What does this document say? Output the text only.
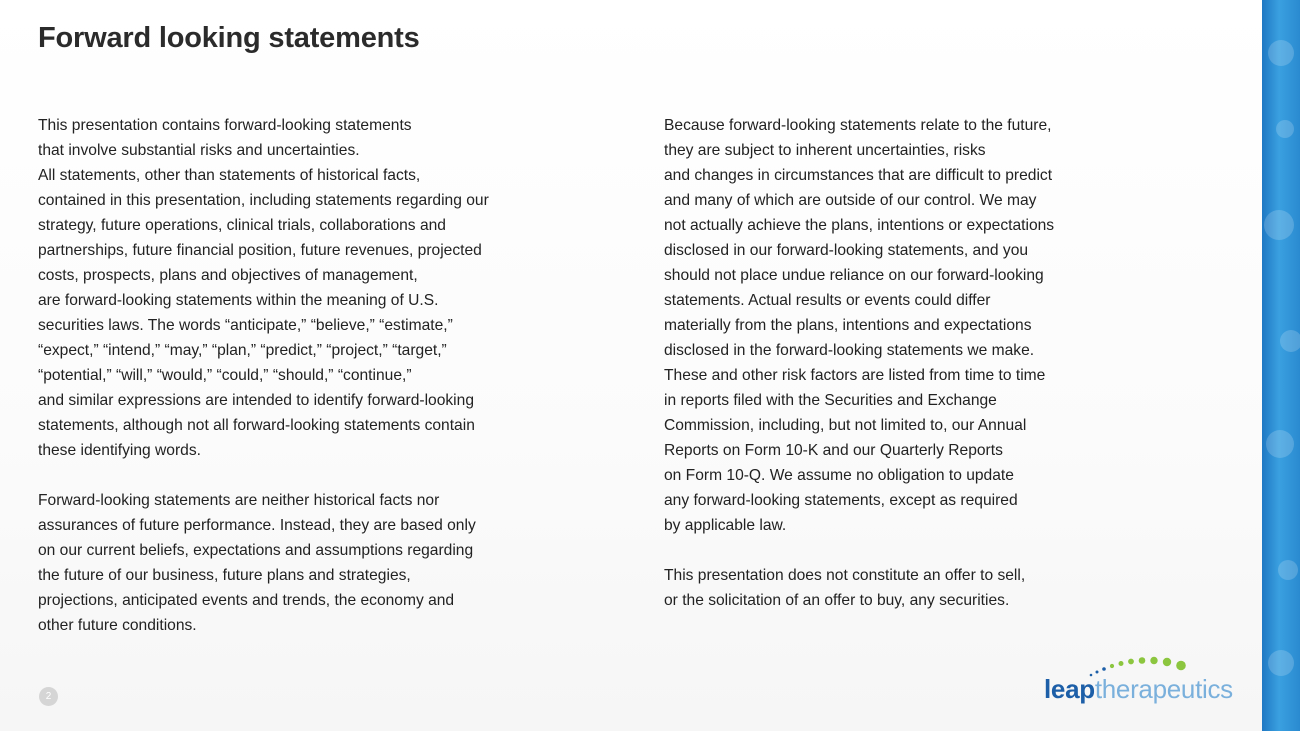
Forward looking statements
This presentation contains forward-looking statements
that involve substantial risks and uncertainties.
All statements, other than statements of historical facts,
contained in this presentation, including statements regarding our
strategy, future operations, clinical trials, collaborations and
partnerships, future financial position, future revenues, projected
costs, prospects, plans and objectives of management,
are forward-looking statements within the meaning of U.S.
securities laws. The words “anticipate,” “believe,” “estimate,”
“expect,” “intend,” “may,” “plan,” “predict,” “project,” “target,”
“potential,” “will,” “would,” “could,” “should,” “continue,”
and similar expressions are intended to identify forward-looking
statements, although not all forward-looking statements contain
these identifying words.
Forward-looking statements are neither historical facts nor
assurances of future performance. Instead, they are based only
on our current beliefs, expectations and assumptions regarding
the future of our business, future plans and strategies,
projections, anticipated events and trends, the economy and
other future conditions.
Because forward-looking statements relate to the future,
they are subject to inherent uncertainties, risks
and changes in circumstances that are difficult to predict
and many of which are outside of our control. We may
not actually achieve the plans, intentions or expectations
disclosed in our forward-looking statements, and you
should not place undue reliance on our forward-looking
statements. Actual results or events could differ
materially from the plans, intentions and expectations
disclosed in the forward-looking statements we make.
These and other risk factors are listed from time to time
in reports filed with the Securities and Exchange
Commission, including, but not limited to, our Annual
Reports on Form 10-K and our Quarterly Reports
on Form 10-Q. We assume no obligation to update
any forward-looking statements, except as required
by applicable law.
This presentation does not constitute an offer to sell,
or the solicitation of an offer to buy, any securities.
2	leaptherapeutics
